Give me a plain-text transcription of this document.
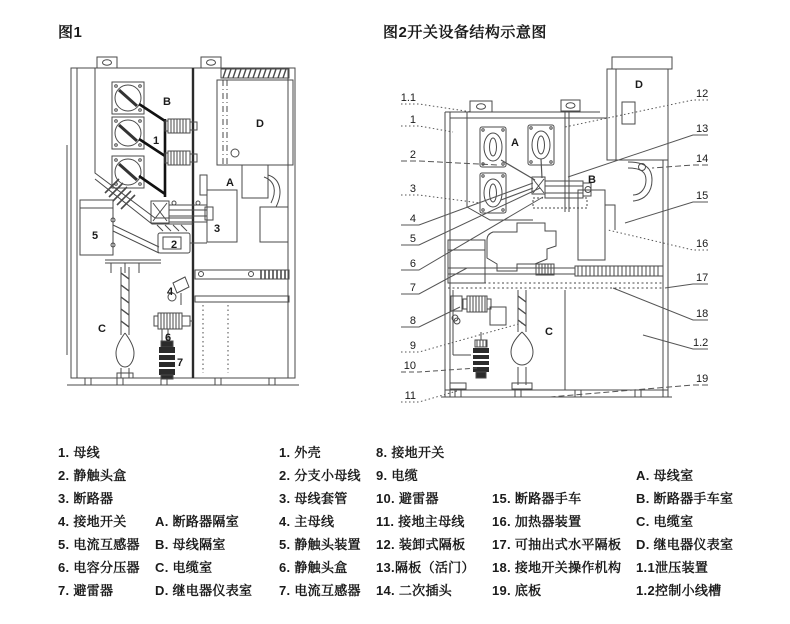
图1	图2开关设备结构示意图
B
1
D
A
3
2
5
4
C
6
7
1.1
1
2
3
4
5
6
7
8
9
10
11
12
13
14
15
16
17
18
1.2
19
A
B
C
D
1. 母线
2. 静触头盒
3. 断路器
4. 接地开关
5. 电流互感器
6. 电容分压器
7. 避雷器
A. 断路器隔室
B. 母线隔室
C. 电缆室
D. 继电器仪表室
1. 外壳
2. 分支小母线
3. 母线套管
4. 主母线
5. 静触头装置
6. 静触头盒
7. 电流互感器
8. 接地开关
9. 电缆
10. 避雷器
11. 接地主母线
12. 装卸式隔板
13.隔板（活门）
14. 二次插头
15. 断路器手车
16. 加热器装置
17. 可抽出式水平隔板
18. 接地开关操作机构
19. 底板
A. 母线室
B. 断路器手车室
C. 电缆室
D. 继电器仪表室
1.1泄压装置
1.2控制小线槽
